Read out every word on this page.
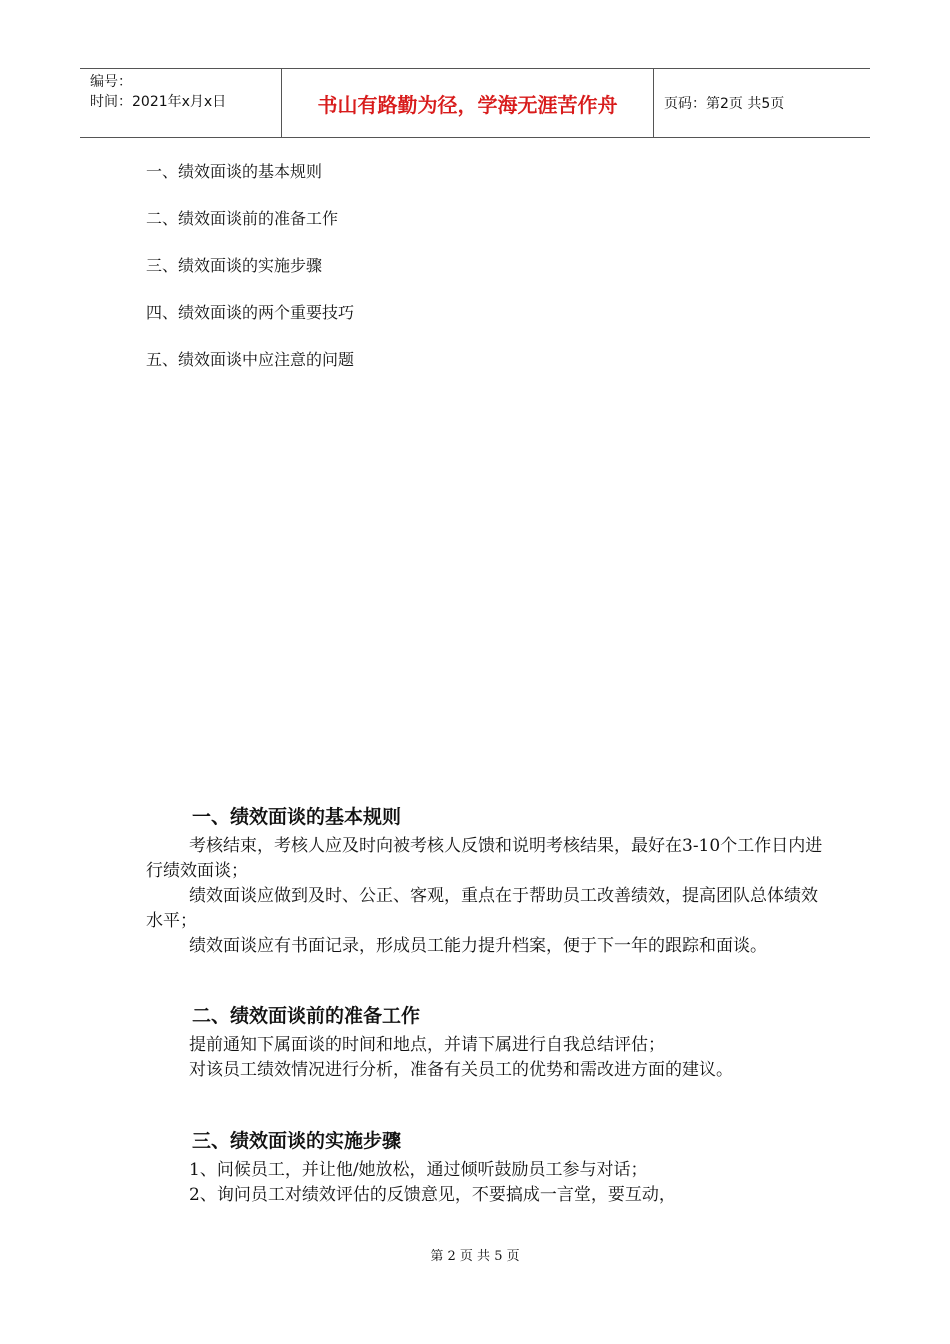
编号：
时间：2021年x月x日	书山有路勤为径，学海无涯苦作舟	页码：第2页 共5页
一、绩效面谈的基本规则
二、绩效面谈前的准备工作
三、绩效面谈的实施步骤
四、绩效面谈的两个重要技巧
五、绩效面谈中应注意的问题
一、绩效面谈的基本规则

考核结束，考核人应及时向被考核人反馈和说明考核结果，最好在3-10个工作日内进行绩效面谈；

绩效面谈应做到及时、公正、客观，重点在于帮助员工改善绩效，提高团队总体绩效水平；

绩效面谈应有书面记录，形成员工能力提升档案，便于下一年的跟踪和面谈。

二、绩效面谈前的准备工作

提前通知下属面谈的时间和地点，并请下属进行自我总结评估；

对该员工绩效情况进行分析，准备有关员工的优势和需改进方面的建议。

三、绩效面谈的实施步骤

1、问候员工，并让他/她放松，通过倾听鼓励员工参与对话；

2、询问员工对绩效评估的反馈意见，不要搞成一言堂，要互动，

第 2 页 共 5 页
